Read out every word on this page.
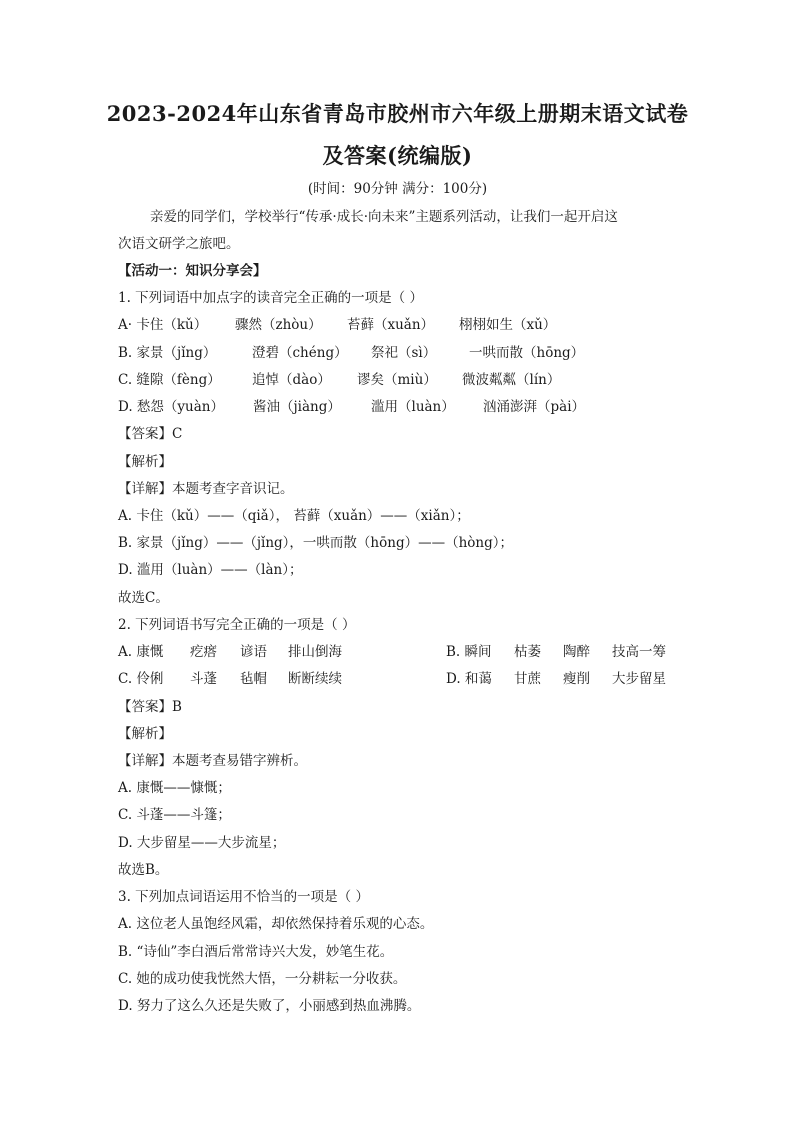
2023-2024年山东省青岛市胶州市六年级上册期末语文试卷
及答案(统编版)
(时间：90分钟 满分：100分)
亲爱的同学们，学校举行“传承·成长·向未来”主题系列活动，让我们一起开启这
次语文研学之旅吧。
【活动一：知识分享会】
1. 下列词语中加点字的读音完全正确的一项是（ ）
A· 卡住（kǔ） 骤然（zhòu） 苔藓（xuǎn） 栩栩如生（xǔ）
B. 家景（jǐng）	澄碧（chéng） 祭祀（sì） 一哄而散（hōng）
C. 缝隙（fèng） 追悼（dào） 谬矣（miù） 微波粼粼（lín）
D. 愁怨（yuàn） 酱油（jiàng） 滥用（luàn） 汹涌澎湃（pài）
【答案】C
【解析】
【详解】本题考查字音识记。
A. 卡住（kǔ）——（qiǎ）， 苔藓（xuǎn）——（xiǎn）；
B. 家景（jǐng）——（jǐng），一哄而散（hōng）——（hòng）；
D. 滥用（luàn）——（làn）；
故选C。
2. 下列词语书写完全正确的一项是（ ）
A. 康慨 疙瘩 谚语 排山倒海	B. 瞬间 枯萎 陶醉 技高一筹
C. 伶俐 斗蓬 毡帽 断断续续	D. 和蔼 甘蔗 瘦削 大步留星
【答案】B
【解析】
【详解】本题考查易错字辨析。
A. 康慨——慷慨；
C. 斗蓬——斗篷；
D. 大步留星——大步流星；
故选B。
3. 下列加点词语运用不恰当的一项是（ ）
A. 这位老人虽饱经风霜，却依然保持着乐观的心态。
B. “诗仙”李白酒后常常诗兴大发，妙笔生花。
C. 她的成功使我恍然大悟，一分耕耘一分收获。
D. 努力了这么久还是失败了，小丽感到热血沸腾。
